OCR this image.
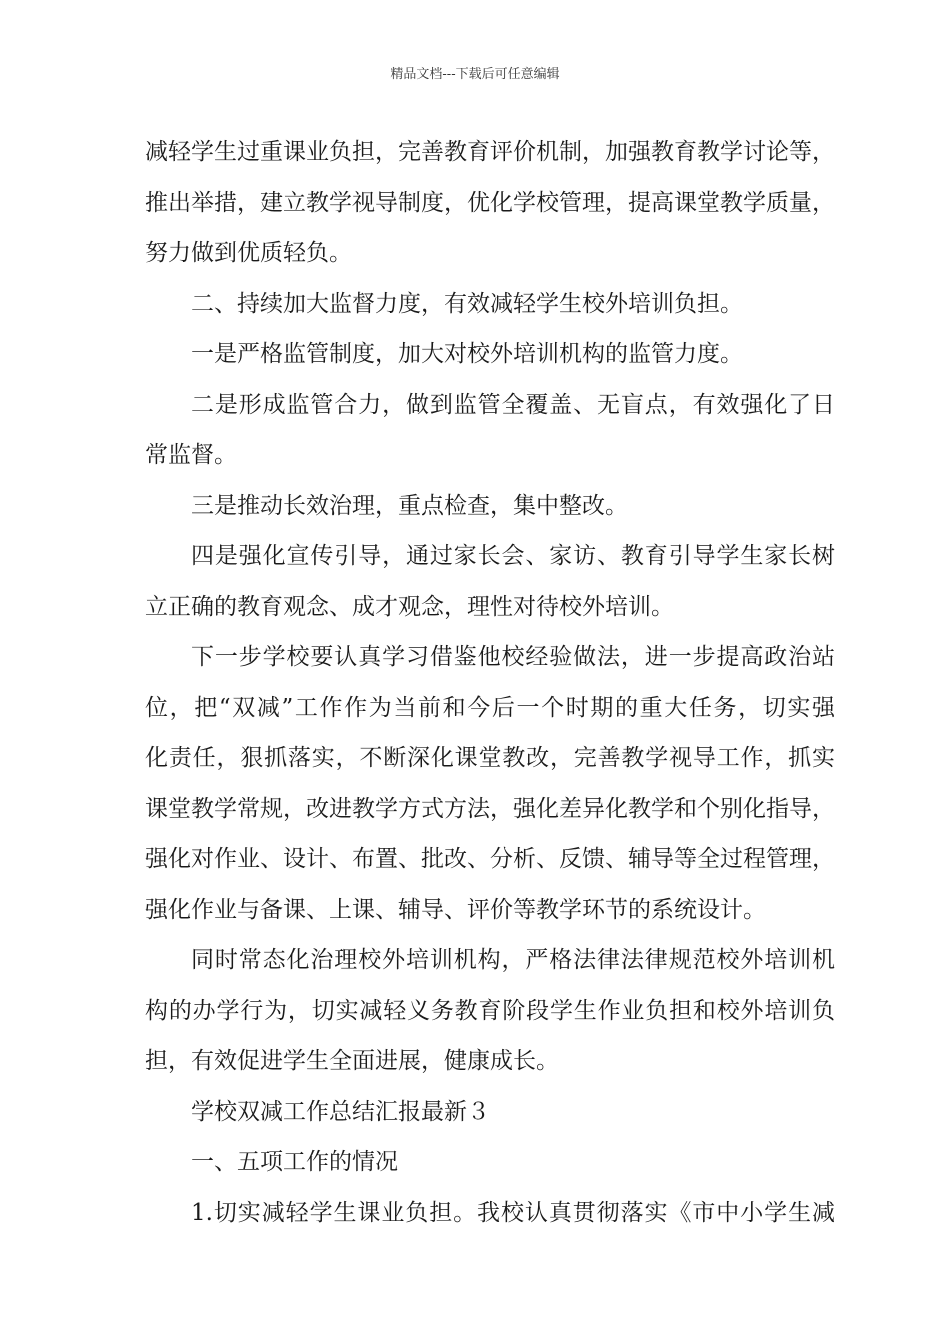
精品文档---下载后可任意编辑
减轻学生过重课业负担，完善教育评价机制，加强教育教学讨论等，
推出举措，建立教学视导制度，优化学校管理，提高课堂教学质量，
努力做到优质轻负。
二、持续加大监督力度，有效减轻学生校外培训负担。
一是严格监管制度，加大对校外培训机构的监管力度。
二是形成监管合力，做到监管全覆盖、无盲点，有效强化了日
常监督。
三是推动长效治理，重点检查，集中整改。
四是强化宣传引导，通过家长会、家访、教育引导学生家长树
立正确的教育观念、成才观念，理性对待校外培训。
下一步学校要认真学习借鉴他校经验做法，进一步提高政治站
位，把“双减”工作作为当前和今后一个时期的重大任务，切实强
化责任，狠抓落实，不断深化课堂教改，完善教学视导工作，抓实
课堂教学常规，改进教学方式方法，强化差异化教学和个别化指导，
强化对作业、设计、布置、批改、分析、反馈、辅导等全过程管理，
强化作业与备课、上课、辅导、评价等教学环节的系统设计。
同时常态化治理校外培训机构，严格法律法律规范校外培训机
构的办学行为，切实减轻义务教育阶段学生作业负担和校外培训负
担，有效促进学生全面进展，健康成长。
学校双减工作总结汇报最新３
一、五项工作的情况
1.切实减轻学生课业负担。我校认真贯彻落实《市中小学生减
